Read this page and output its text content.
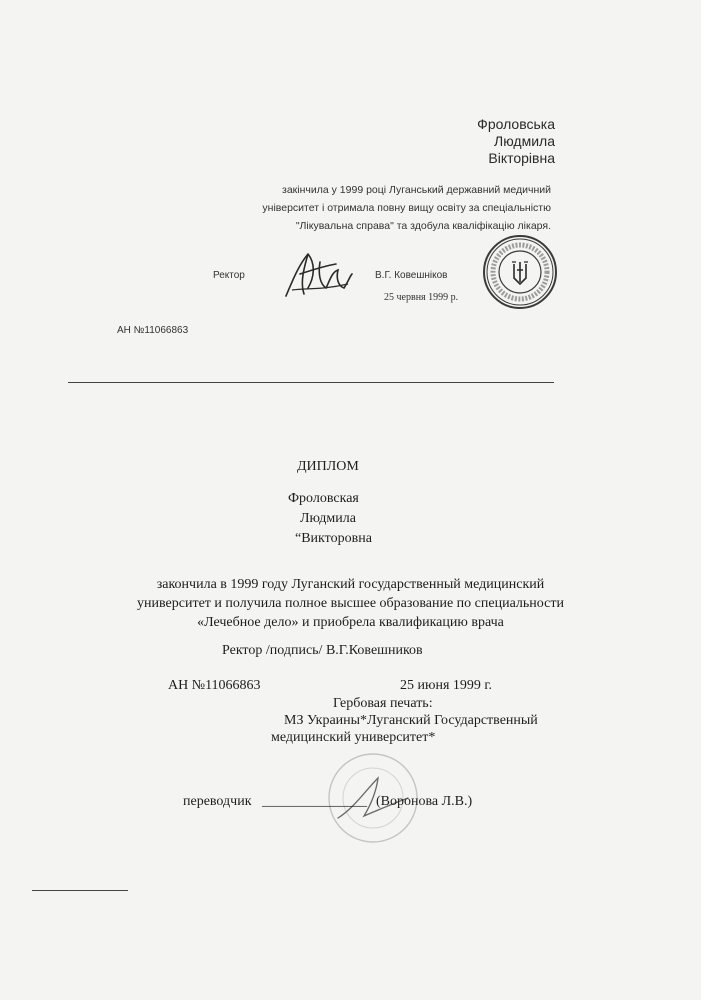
Фроловська
Людмила
Вікторівна
закінчила у 1999 році Луганський державний медичний
університет і отримала повну вищу освіту за спеціальністю
"Лікувальна справа" та здобула кваліфікацію лікаря.
Ректор	В.Г. Ковешніков
25 червня 1999 р.
АН №11066863
ДИПЛОМ
Фроловская
Людмила
“Викторовна
закончила в 1999 году Луганский государственный медицинский
университет и получила полное высшее образование по специальности
«Лечебное дело» и приобрела квалификацию врача
Ректор /подпись/ В.Г.Ковешников
АН №11066863	25 июня 1999 г.
Гербовая печать:
МЗ Украины*Луганский Государственный
медицинский университет*
переводчик _______________ (Воронова Л.В.)
